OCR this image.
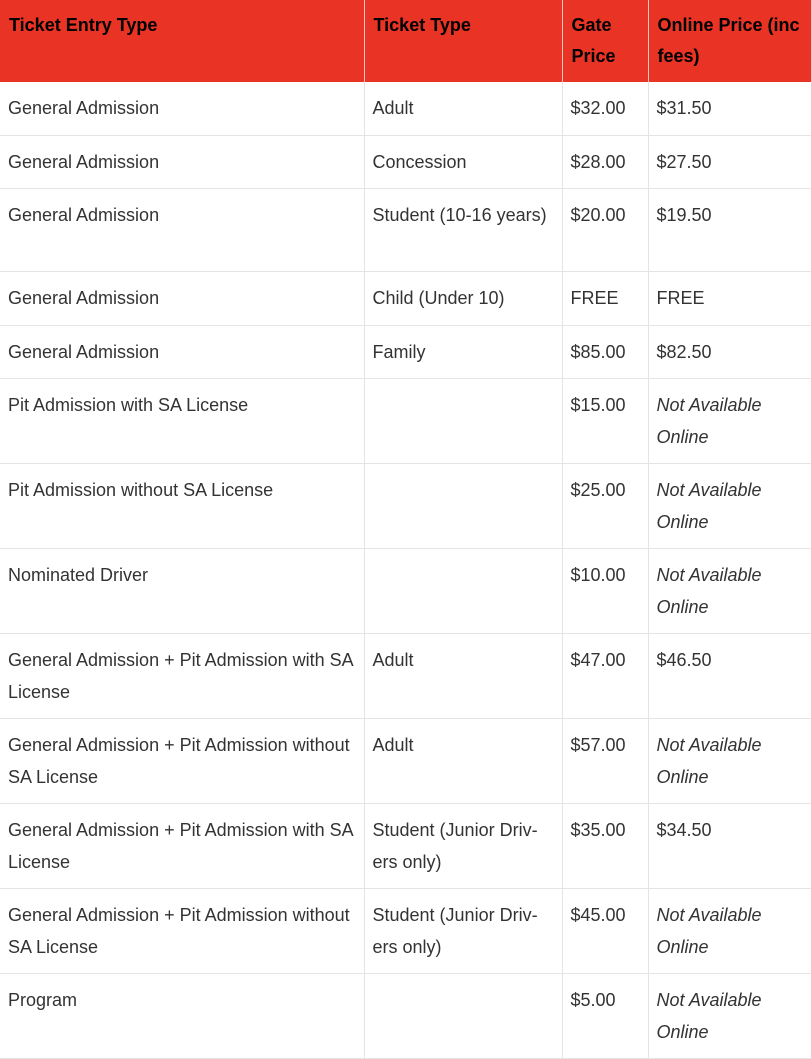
Ticket Entry Type	Ticket Type	Gate Price	Online Price (inc fees)
General Admission	Adult	$32.00	$31.50
General Admission	Concession	$28.00	$27.50
General Admission	Student (10-16 years)	$20.00	$19.50
General Admission	Child (Under 10)	FREE	FREE
General Admission	Family	$85.00	$82.50
Pit Admission with SA License		$15.00	Not Available Online
Pit Admission without SA License		$25.00	Not Available Online
Nominated Driver		$10.00	Not Available Online
General Admission + Pit Admission with SA License	Adult	$47.00	$46.50
General Admission + Pit Admission without SA License	Adult	$57.00	Not Available Online
General Admission + Pit Admission with SA License	Student (Junior Drivers only)	$35.00	$34.50
General Admission + Pit Admission without SA License	Student (Junior Drivers only)	$45.00	Not Available Online
Program		$5.00	Not Available Online
